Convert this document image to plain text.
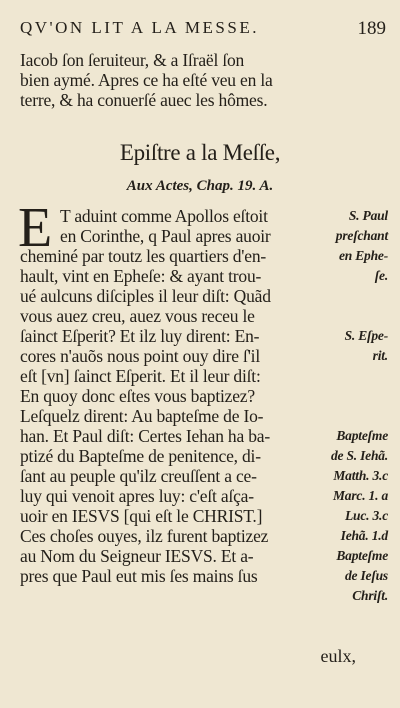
QV'ON LIT A LA MESSE.	189
Iacob ſon ſeruiteur, & a Iſraël ſon
bien aymé. Apres ce ha eſté veu en la
terre, & ha conuerſé auec les hômes.
Epiſtre a la Meſſe,
Aux Actes, Chap. 19. A.
E T aduint comme Apollos eſtoit
en Corinthe, q Paul apres auoir
cheminé par toutz les quartiers d'en-
hault, vint en Epheſe: & ayant trou-
ué aulcuns diſciples il leur diſt: Quãd
vous auez creu, auez vous receu le
ſainct Eſperit? Et ilz luy dirent: En-
cores n'auõs nous point ouy dire ſ'il
eſt [vn] ſainct Eſperit. Et il leur diſt:
En quoy donc eſtes vous baptizez?
Leſquelz dirent: Au bapteſme de Io-
han. Et Paul diſt: Certes Iehan ha ba-
ptizé du Bapteſme de penitence, di-
ſant au peuple qu'ilz creuſſent a ce-
luy qui venoit apres luy: c'eſt aſça-
uoir en IESVS [qui eſt le CHRIST.]
Ces choſes ouyes, ilz furent baptizez
au Nom du Seigneur IESVS. Et a-
pres que Paul eut mis ſes mains ſus
S. Paul
preſchant
en Ephe-
ſe.
S. Eſpe-
rit.
Bapteſme
de S. Iehã.
Matth. 3.c
Marc. 1. a
Luc. 3.c
Iehã. 1.d
Bapteſme
de Ieſus
Chriſt.
eulx,
